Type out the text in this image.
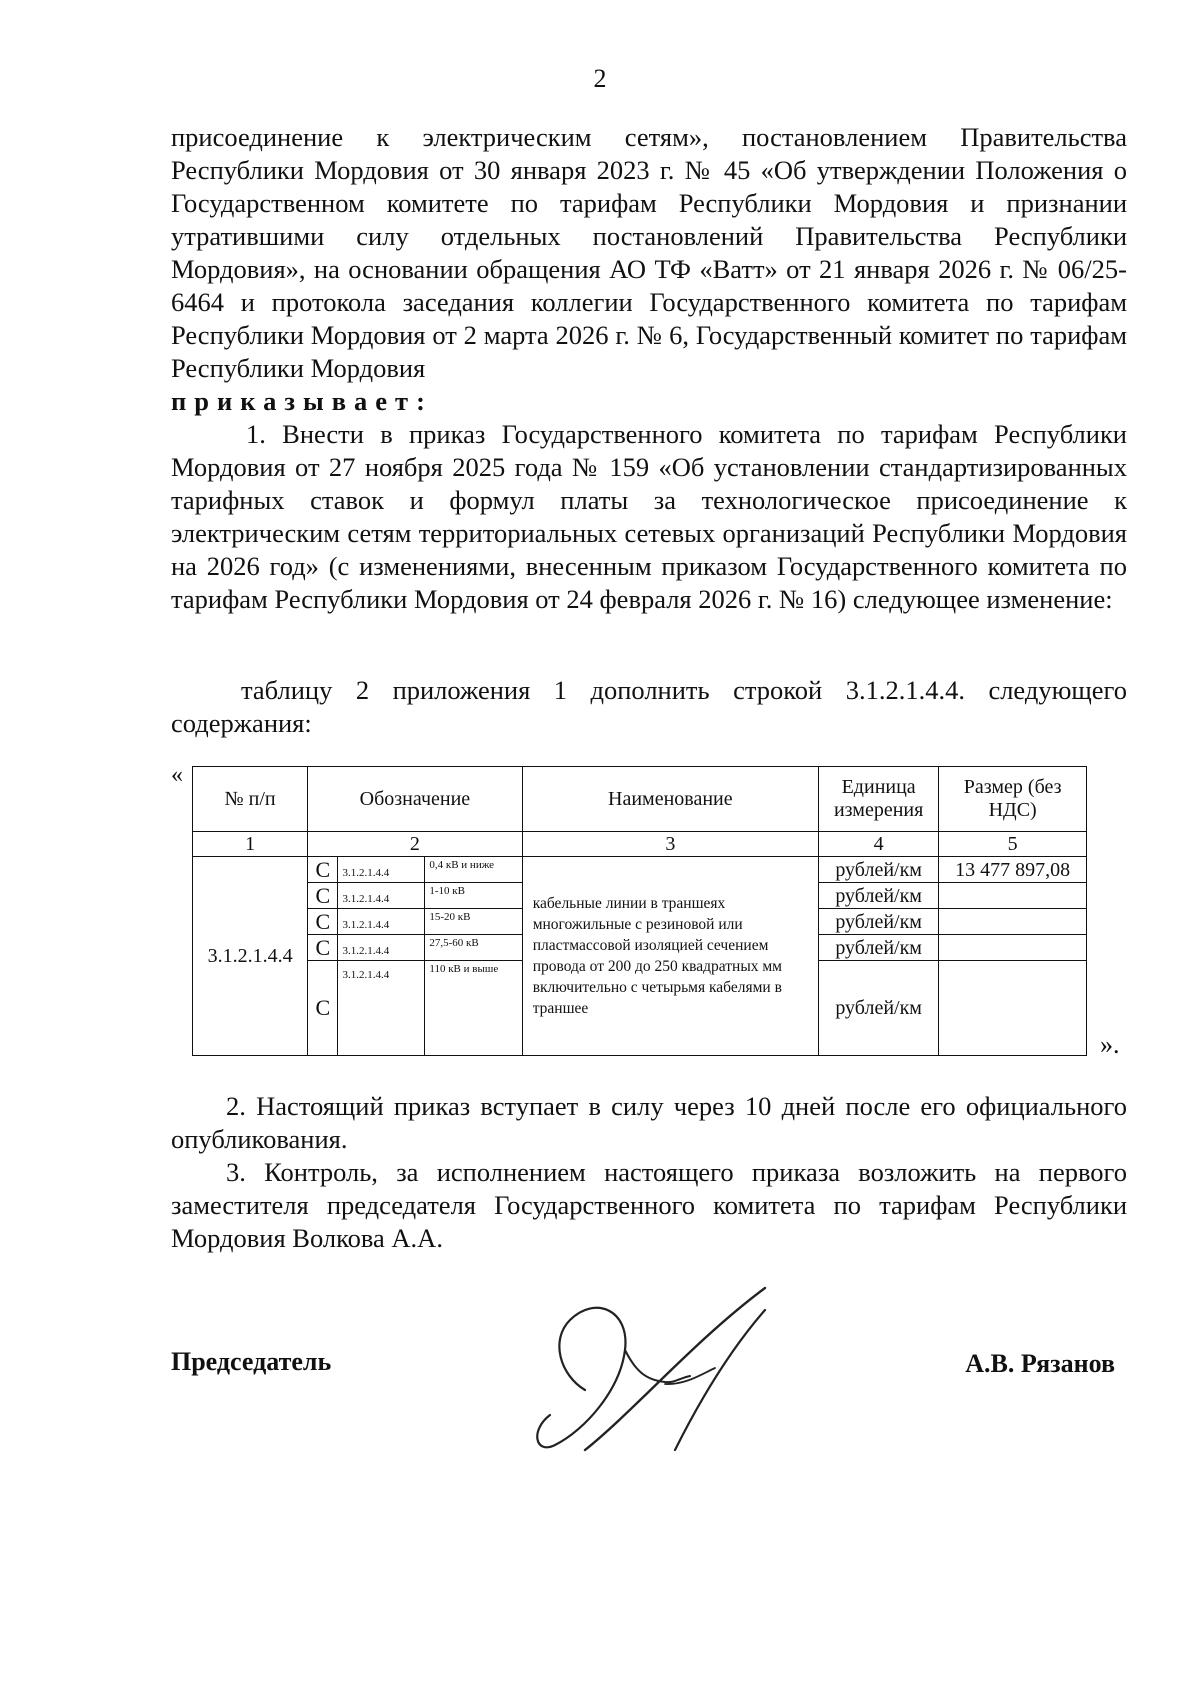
2
присоединение к электрическим сетям», постановлением Правительства Республики Мордовия от 30 января 2023 г. № 45 «Об утверждении Положения о Государственном комитете по тарифам Республики Мордовия и признании утратившими силу отдельных постановлений Правительства Республики Мордовия», на основании обращения АО ТФ «Ватт» от 21 января 2026 г. № 06/25-6464 и протокола заседания коллегии Государственного комитета по тарифам Республики Мордовия от 2 марта 2026 г. № 6, Государственный комитет по тарифам Республики Мордовия
приказывает:
1. Внести в приказ Государственного комитета по тарифам Республики Мордовия от 27 ноября 2025 года № 159 «Об установлении стандартизированных тарифных ставок и формул платы за технологическое присоединение к электрическим сетям территориальных сетевых организаций Республики Мордовия на 2026 год» (с изменениями, внесенным приказом Государственного комитета по тарифам Республики Мордовия от 24 февраля 2026 г. № 16) следующее изменение:

таблицу 2 приложения 1 дополнить строкой 3.1.2.1.4.4. следующего содержания:

«
№ п/п	Обозначение			Наименование	Единица измерения	Размер (без НДС)
1	2			3	4	5
3.1.2.1.4.4	С	3.1.2.1.4.4	0,4 кВ и ниже	кабельные линии в траншеях многожильные с резиновой или пластмассовой изоляцией сечением провода от 200 до 250 квадратных мм включительно с четырьмя кабелями в траншее	рублей/км	13 477 897,08
	С	3.1.2.1.4.4	1-10 кВ		рублей/км	
	С	3.1.2.1.4.4	15-20 кВ		рублей/км	
	С	3.1.2.1.4.4	27,5-60 кВ		рублей/км	
	С	3.1.2.1.4.4	110 кВ и выше		рублей/км	
».

2. Настоящий приказ вступает в силу через 10 дней после его официального опубликования.

3. Контроль, за исполнением настоящего приказа возложить на первого заместителя председателя Государственного комитета по тарифам Республики Мордовия Волкова А.А.

Председатель	А.В. Рязанов
